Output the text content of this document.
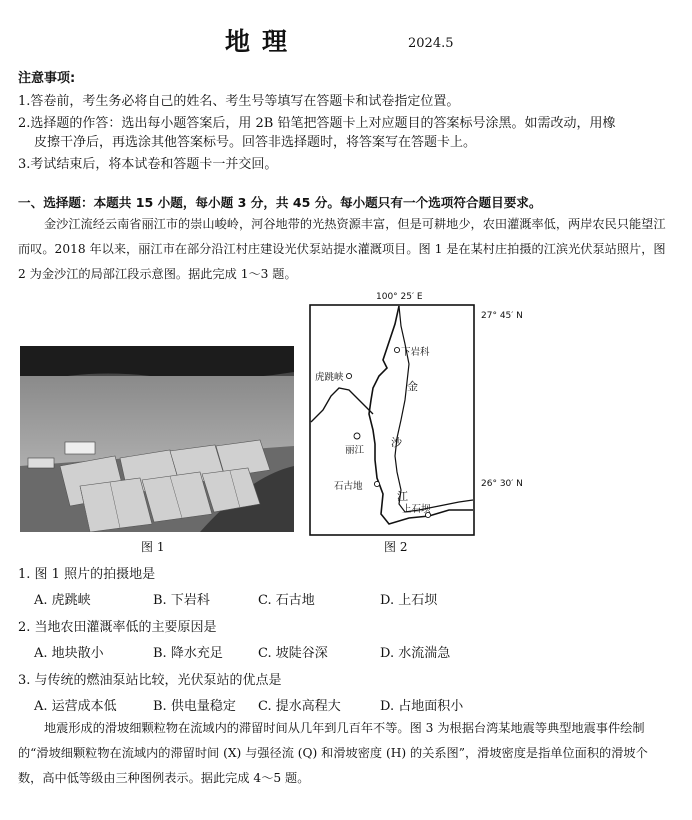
地理	2024.5
注意事项:
1.答卷前，考生务必将自己的姓名、考生号等填写在答题卡和试卷指定位置。
2.选择题的作答：选出每小题答案后，用 2B 铅笔把答题卡上对应题目的答案标号涂黑。如需改动，用橡
皮擦干净后，再选涂其他答案标号。回答非选择题时，将答案写在答题卡上。
3.考试结束后，将本试卷和答题卡一并交回。
一、选择题：本题共 15 小题，每小题 3 分，共 45 分。每小题只有一个选项符合题目要求。
金沙江流经云南省丽江市的崇山峻岭，河谷地带的光热资源丰富，但是可耕地少，农田灌溉率低，两岸农民只能望江而叹。2018 年以来，丽江市在部分沿江村庄建设光伏泵站提水灌溉项目。图 1 是在某村庄拍摄的江滨光伏泵站照片，图 2 为金沙江的局部江段示意图。据此完成 1～3 题。
100° 25′ E
27° 45′ N
26° 30′ N
下岩科
虎跳峡
丽江
石古地
上石坝
金
沙
江
图 1	图 2
1. 图 1 照片的拍摄地是
A. 虎跳峡	B. 下岩科	C. 石古地	D. 上石坝
2. 当地农田灌溉率低的主要原因是
A. 地块散小	B. 降水充足	C. 坡陡谷深	D. 水流湍急
3. 与传统的燃油泵站比较，光伏泵站的优点是
A. 运营成本低	B. 供电量稳定 C. 提水高程大	D. 占地面积小
地震形成的滑坡细颗粒物在流域内的滞留时间从几年到几百年不等。图 3 为根据台湾某地震等典型地震事件绘制的“滑坡细颗粒物在流域内的滞留时间 (X) 与强径流 (Q) 和滑坡密度 (H) 的关系图”，滑坡密度是指单位面积的滑坡个数，高中低等级由三种图例表示。据此完成 4～5 题。
